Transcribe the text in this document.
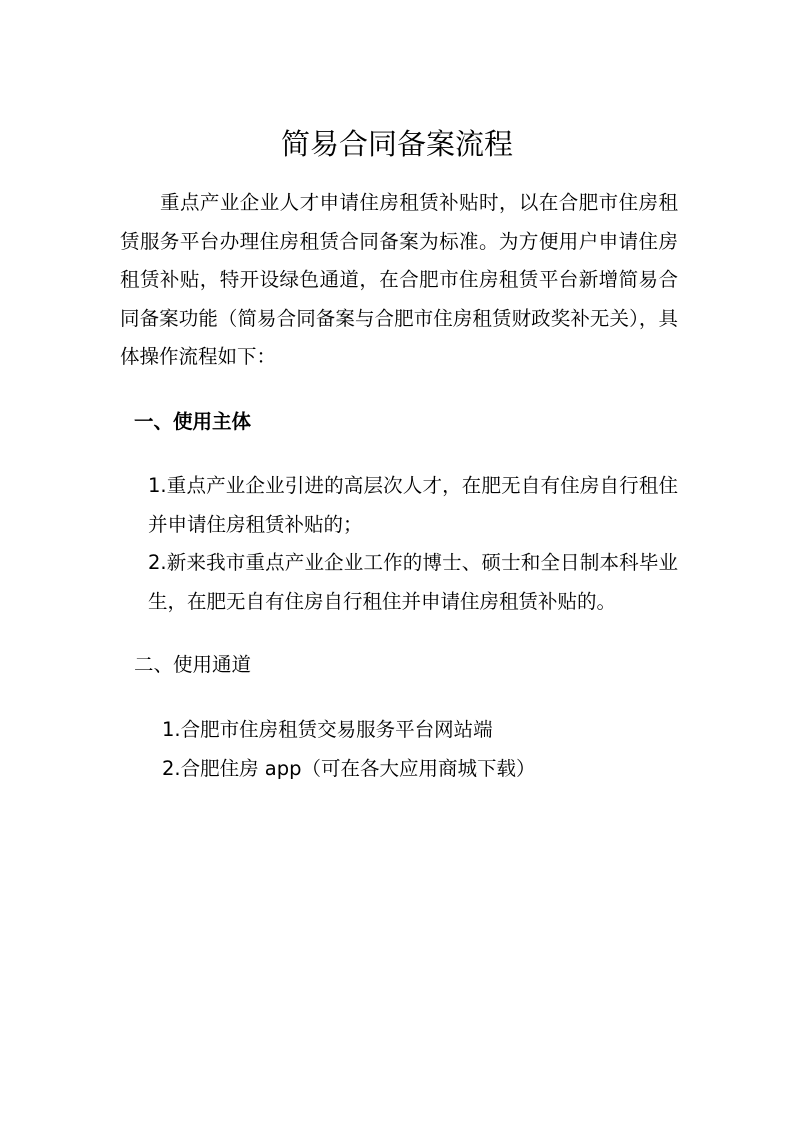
简易合同备案流程

重点产业企业人才申请住房租赁补贴时，以在合肥市住房租赁服务平台办理住房租赁合同备案为标准。为方便用户申请住房租赁补贴，特开设绿色通道，在合肥市住房租赁平台新增简易合同备案功能（简易合同备案与合肥市住房租赁财政奖补无关），具体操作流程如下：

一、使用主体
1.重点产业企业引进的高层次人才，在肥无自有住房自行租住并申请住房租赁补贴的；
2.新来我市重点产业企业工作的博士、硕士和全日制本科毕业生，在肥无自有住房自行租住并申请住房租赁补贴的。
二、使用通道
1.合肥市住房租赁交易服务平台网站端
2.合肥住房 app（可在各大应用商城下载）
